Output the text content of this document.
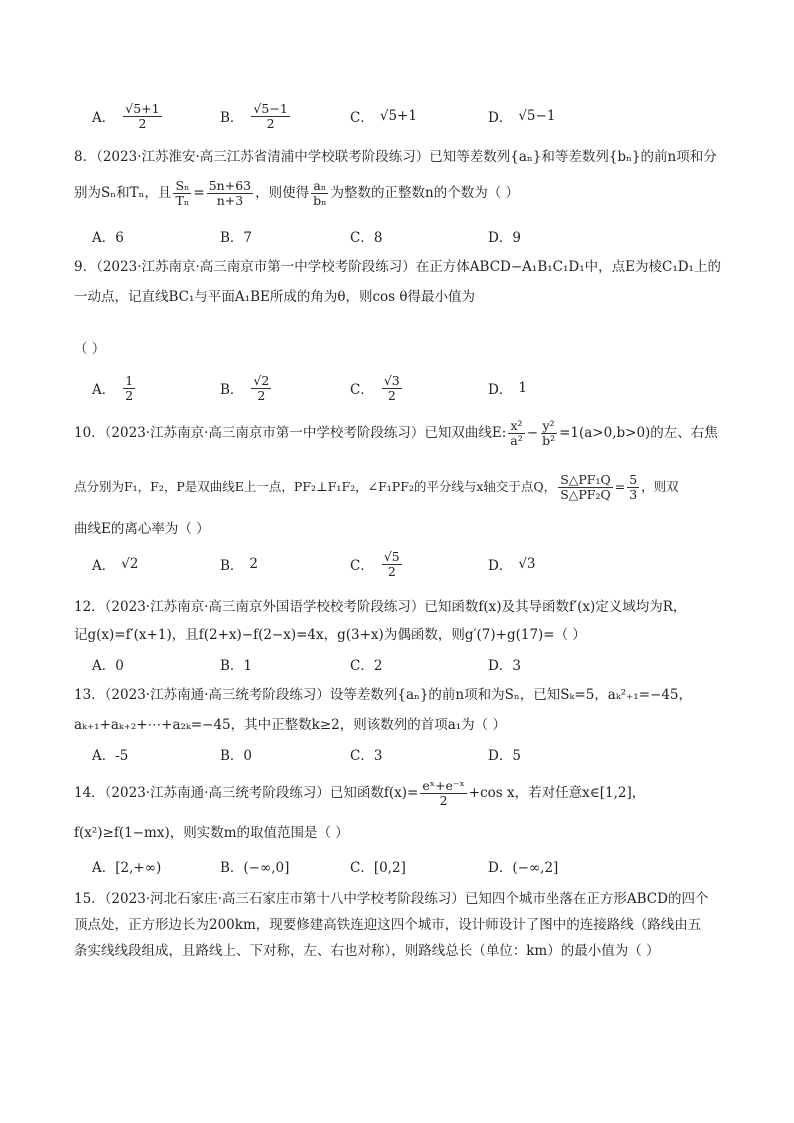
A． $\frac{√5+1}{2}$	B． $\frac{√5-1}{2}$	C． √5+1	D． √5−1
8．（2023·江苏淮安·高三江苏省清浦中学校联考阶段练习）已知等差数列{aₙ}和等差数列{bₙ}的前n项和分
别为Sₙ和Tₙ，且 $\frac{\text{Sₙ}}{\text{Tₙ}} = \frac{5n+63}{n+3}$ ，则使得 $\frac{\text{aₙ}}{\text{bₙ}}$ 为整数的正整数n的个数为（ ）
A．6	B．7	C．8	D．9
9．（2023·江苏南京·高三南京市第一中学校考阶段练习）在正方体ABCD−A₁B₁C₁D₁中，点E为棱C₁D₁上的
一动点，记直线BC₁与平面A₁BE所成的角为θ，则cos θ得最小值为
（ ）
A． $\frac{1}{2}$	B． $\frac{√2}{2}$	C． $\frac{√3}{2}$	D． 1
10．（2023·江苏南京·高三南京市第一中学校考阶段练习）已知双曲线E: $\frac{\text{x²}}{\text{a²}} - \frac{\text{y²}}{\text{b²}} =1(a>0,b>0)$的左、右焦
点分别为F₁，F₂，P是双曲线E上一点，PF₂⊥F₁F₂，∠F₁PF₂的平分线与x轴交于点Q， $\frac{\text{S△PF₁Q}}{\text{S△PF₂Q}} = \frac{5}{3}$ ，则双
曲线E的离心率为（ ）
A． √2	B． 2	C． $\frac{√5}{2}$	D． √3
12．（2023·江苏南京·高三南京外国语学校校考阶段练习）已知函数f(x)及其导函数f′(x)定义域均为R，
记g(x)=f′(x+1)，且f(2+x)−f(2−x)=4x，g(3+x)为偶函数，则g′(7)+g(17)=（ ）
A．0	B．1	C．2	D．3
13．（2023·江苏南通·高三统考阶段练习）设等差数列{aₙ}的前n项和为Sₙ，已知Sₖ=5，aₖ²₊₁=−45，
aₖ₊₁+aₖ₊₂+⋯+a₂ₖ=−45，其中正整数k≥2，则该数列的首项a₁为（ ）
A．-5	B．0	C．3	D．5
14．（2023·江苏南通·高三统考阶段练习）已知函数$f(x)= \frac{\text{eˣ+e⁻ˣ}}{2} +\cos$ x，若对任意x∈[1,2]，
f(x²)≥f(1−mx)，则实数m的取值范围是（ ）
A．[2,+∞)	B．(−∞,0]	C．[0,2]	D．(−∞,2]
15．（2023·河北石家庄·高三石家庄市第十八中学校考阶段练习）已知四个城市坐落在正方形ABCD的四个
顶点处，正方形边长为200km，现要修建高铁连迎这四个城市，设计师设计了图中的连接路线（路线由五
条实线线段组成，且路线上、下对称，左、右也对称），则路线总长（单位：km）的最小值为（ ）
